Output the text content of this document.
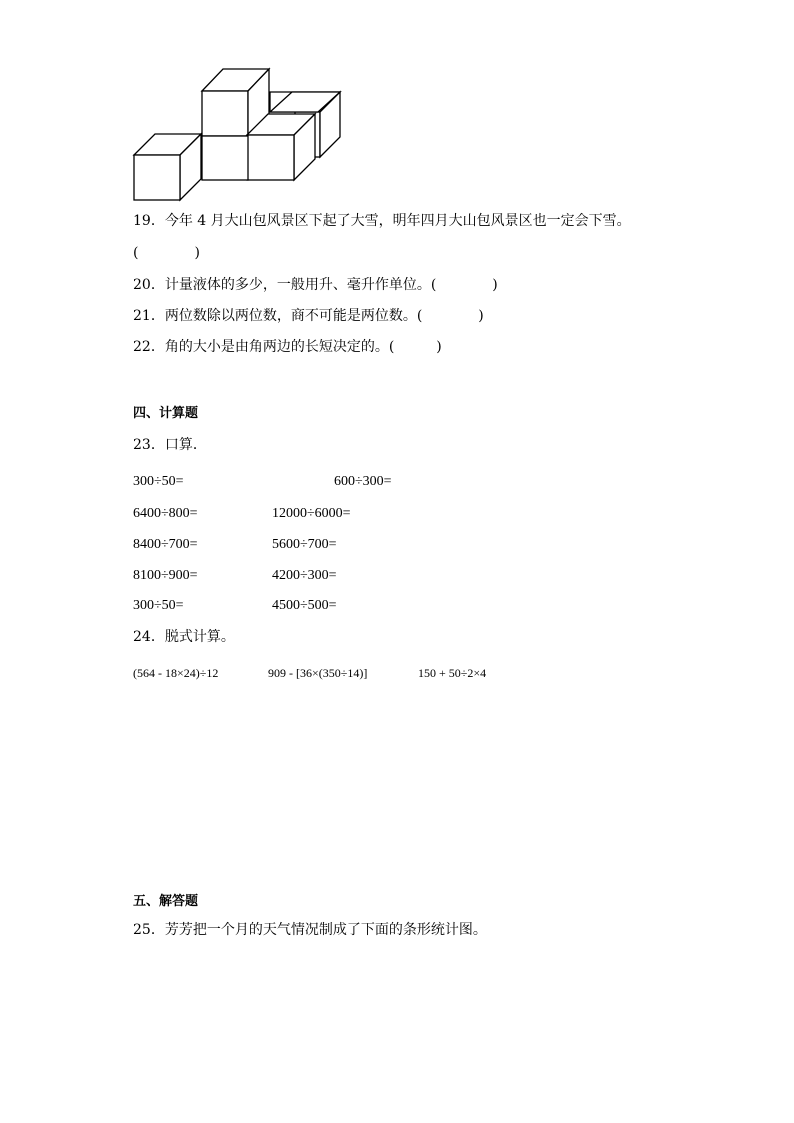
19．今年 4 月大山包风景区下起了大雪，明年四月大山包风景区也一定会下雪。
(　　　　)
20．计量液体的多少，一般用升、毫升作单位。(　　　　)
21．两位数除以两位数，商不可能是两位数。(　　　　)
22．角的大小是由角两边的长短决定的。(　　　)
四、计算题
23．口算．
300÷50=	600÷300=
6400÷800=	12000÷6000=
8400÷700=	5600÷700=
8100÷900=	4200÷300=
300÷50=	4500÷500=
24．脱式计算。
(564 - 18×24)÷12	909 - [36×(350÷14)]	150 + 50÷2×4
五、解答题
25．芳芳把一个月的天气情况制成了下面的条形统计图。
